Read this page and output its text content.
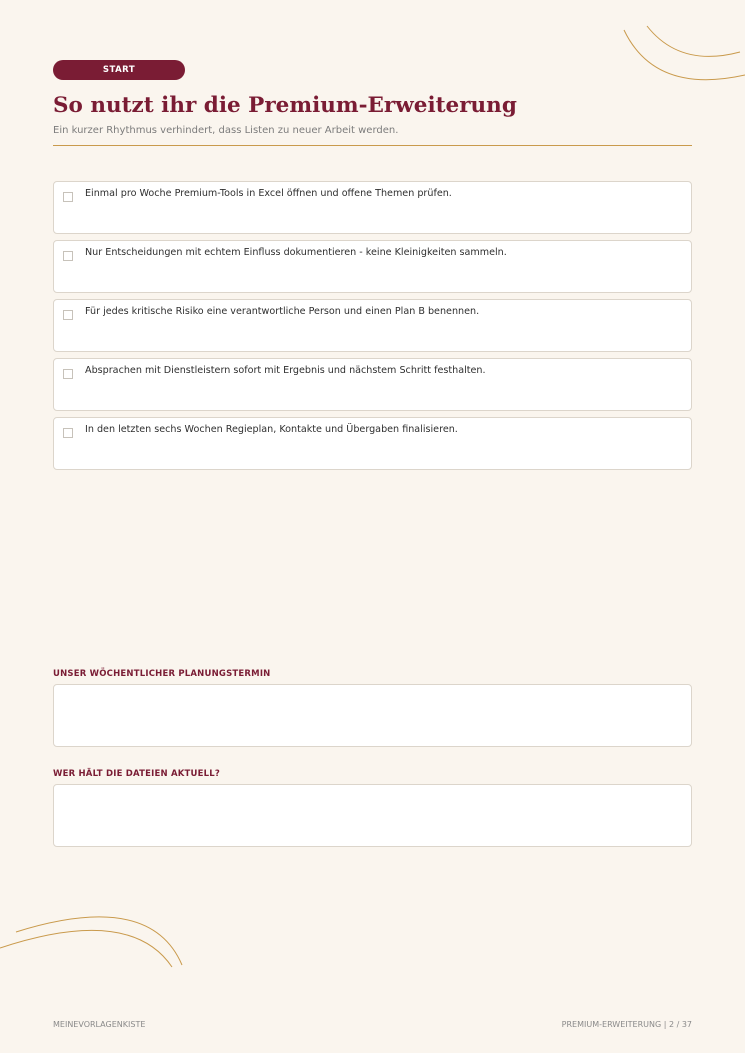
START
So nutzt ihr die Premium-Erweiterung

Ein kurzer Rhythmus verhindert, dass Listen zu neuer Arbeit werden.

Einmal pro Woche Premium-Tools in Excel öffnen und offene Themen prüfen.
Nur Entscheidungen mit echtem Einfluss dokumentieren - keine Kleinigkeiten sammeln.
Für jedes kritische Risiko eine verantwortliche Person und einen Plan B benennen.
Absprachen mit Dienstleistern sofort mit Ergebnis und nächstem Schritt festhalten.
In den letzten sechs Wochen Regieplan, Kontakte und Übergaben finalisieren.

UNSER WÖCHENTLICHER PLANUNGSTERMIN

WER HÄLT DIE DATEIEN AKTUELL?

MEINEVORLAGENKISTE	PREMIUM-ERWEITERUNG | 2 / 37
